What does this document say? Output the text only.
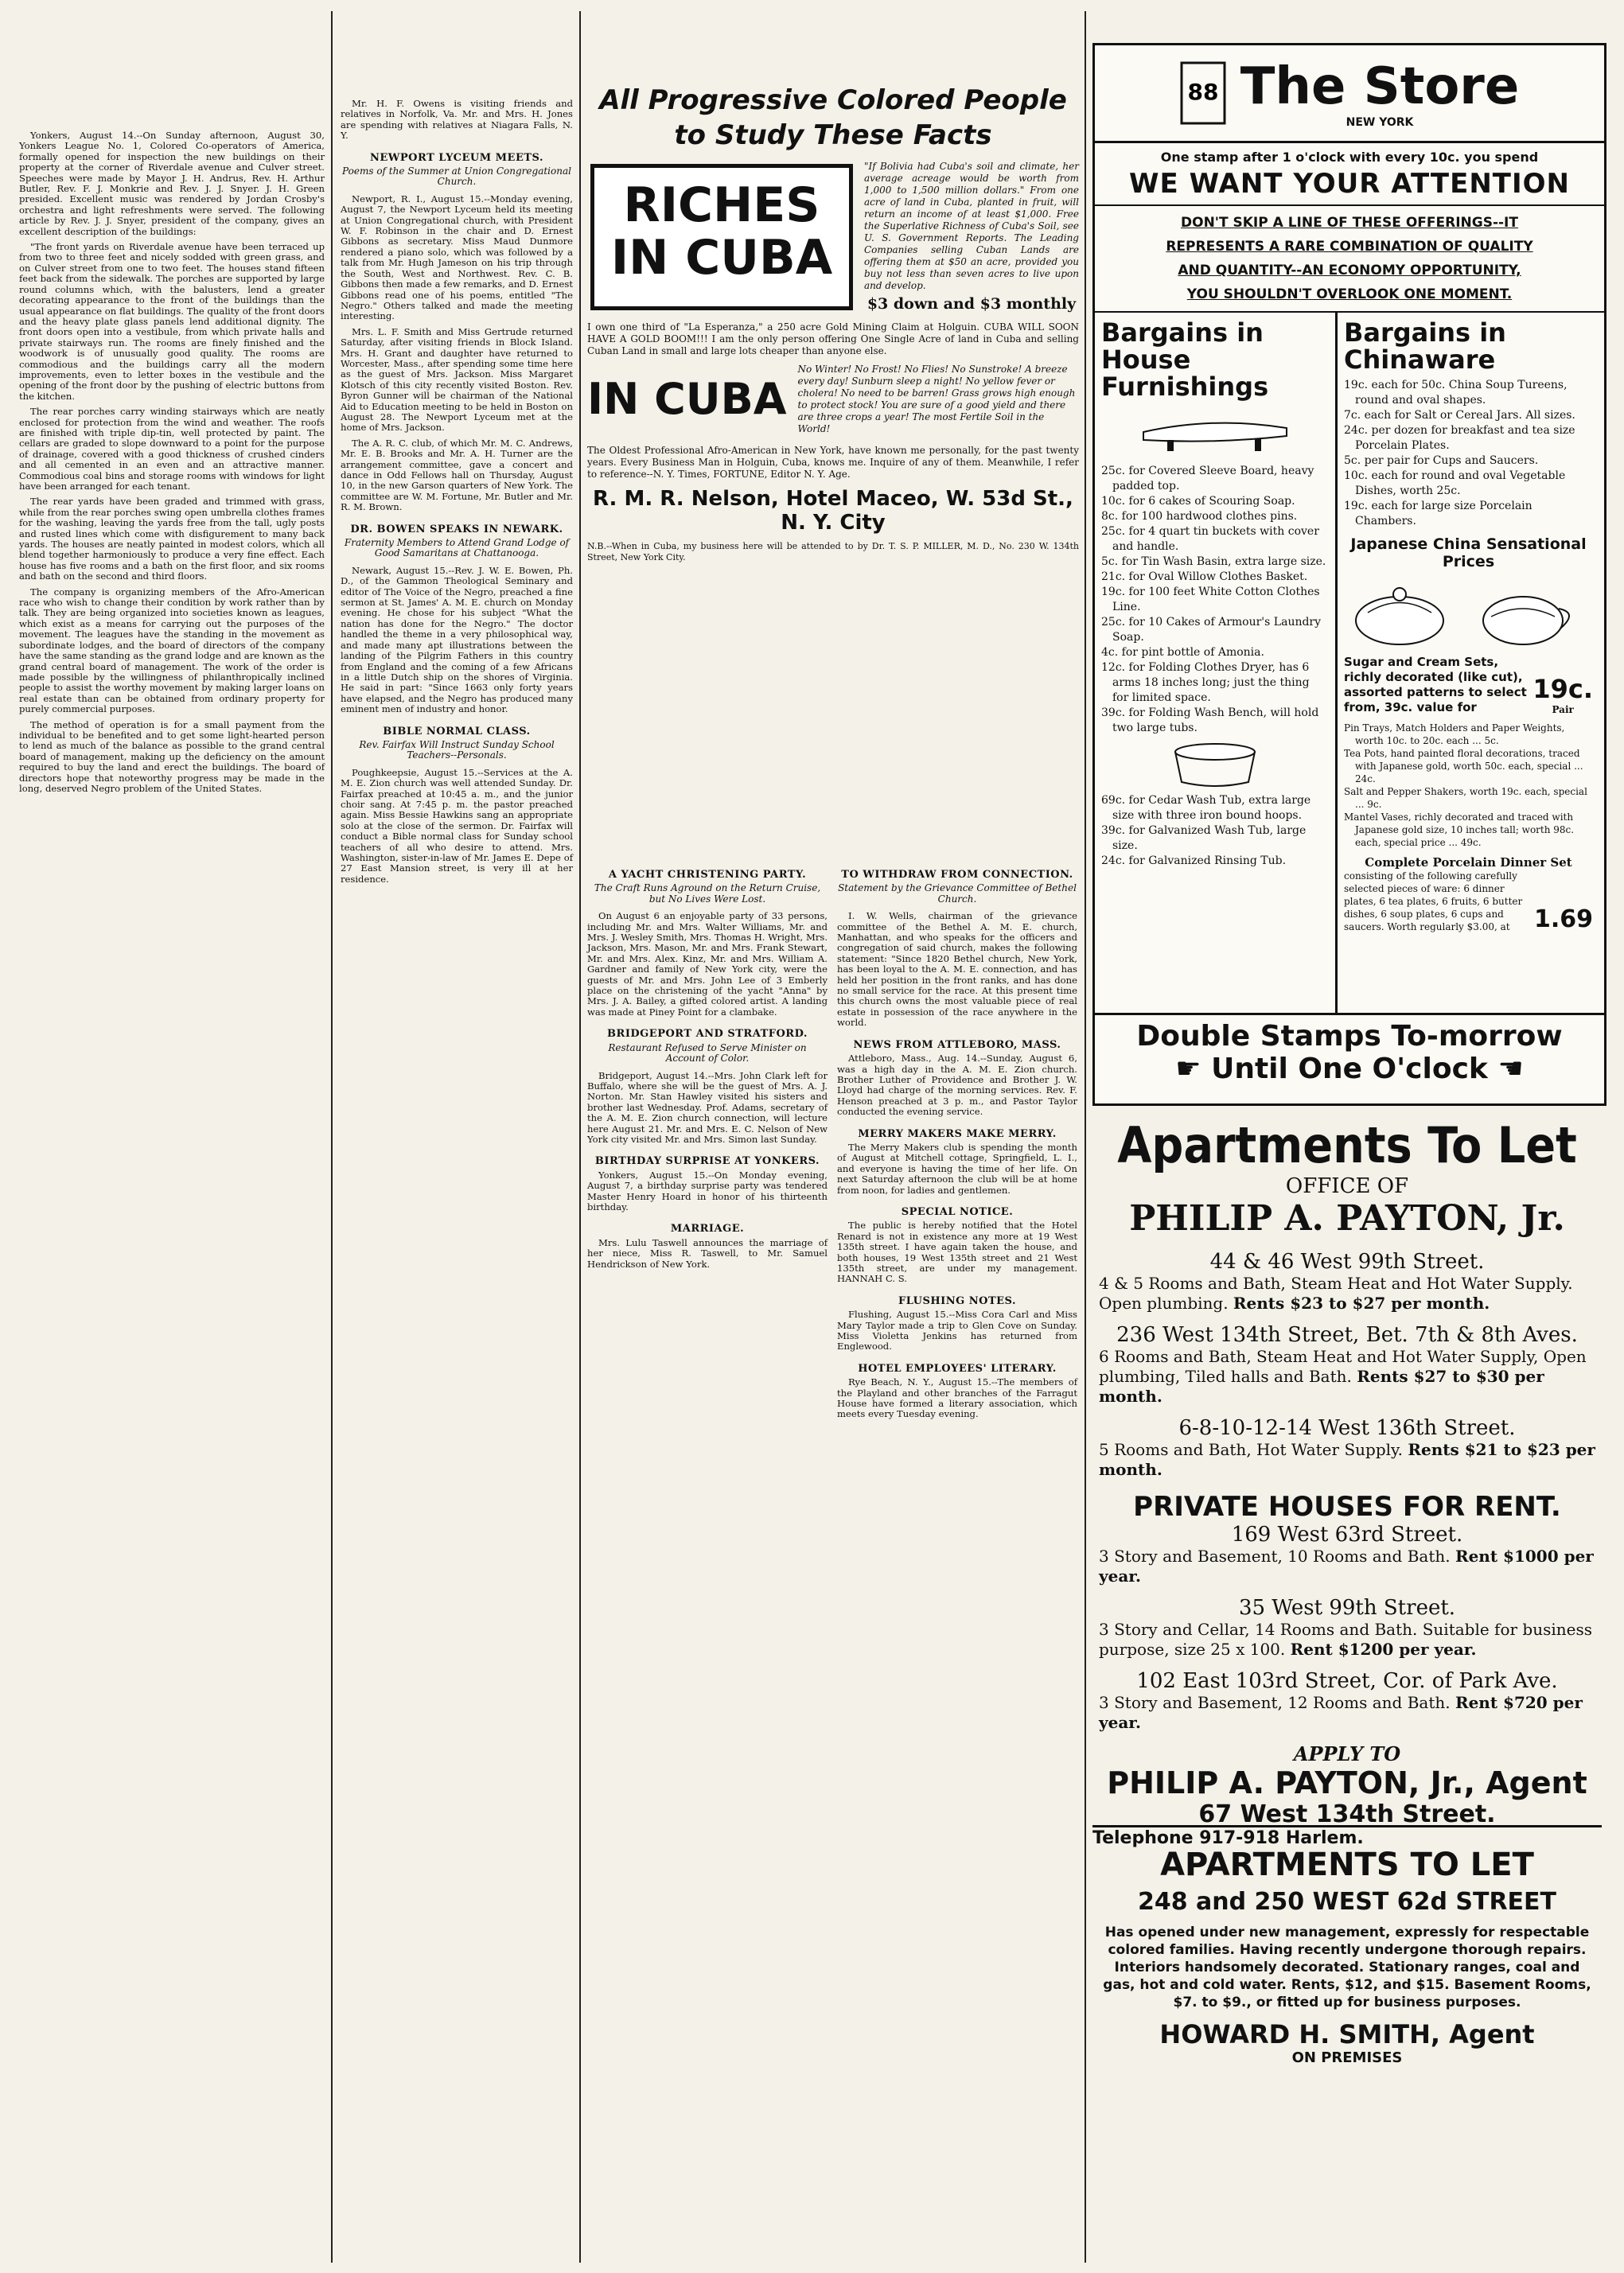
Yonkers, August 14.--On Sunday afternoon, August 30, Yonkers League No. 1, Colored Co-operators of America, formally opened for inspection the new buildings on their property at the corner of Riverdale avenue and Culver street. Speeches were made by Mayor J. H. Andrus, Rev. H. Arthur Butler, Rev. F. J. Monkrie and Rev. J. J. Snyer. J. H. Green presided. Excellent music was rendered by Jordan Crosby's orchestra and light refreshments were served. The following article by Rev. J. J. Snyer, president of the company, gives an excellent description of the buildings:

"The front yards on Riverdale avenue have been terraced up from two to three feet and nicely sodded with green grass, and on Culver street from one to two feet. The houses stand fifteen feet back from the sidewalk. The porches are supported by large round columns which, with the balusters, lend a greater decorating appearance to the front of the buildings than the usual appearance on flat buildings. The quality of the front doors and the heavy plate glass panels lend additional dignity. The front doors open into a vestibule, from which private halls and private stairways run. The rooms are finely finished and the woodwork is of unusually good quality. The rooms are commodious and the buildings carry all the modern improvements, even to letter boxes in the vestibule and the opening of the front door by the pushing of electric buttons from the kitchen.

The rear porches carry winding stairways which are neatly enclosed for protection from the wind and weather. The roofs are finished with triple dip-tin, well protected by paint. The cellars are graded to slope downward to a point for the purpose of drainage, covered with a good thickness of crushed cinders and all cemented in an even and an attractive manner. Commodious coal bins and storage rooms with windows for light have been arranged for each tenant.

The rear yards have been graded and trimmed with grass, while from the rear porches swing open umbrella clothes frames for the washing, leaving the yards free from the tall, ugly posts and rusted lines which come with disfigurement to many back yards. The houses are neatly painted in modest colors, which all blend together harmoniously to produce a very fine effect. Each house has five rooms and a bath on the first floor, and six rooms and bath on the second and third floors.

The company is organizing members of the Afro-American race who wish to change their condition by work rather than by talk. They are being organized into societies known as leagues, which exist as a means for carrying out the purposes of the movement. The leagues have the standing in the movement as subordinate lodges, and the board of directors of the company have the same standing as the grand lodge and are known as the grand central board of management. The work of the order is made possible by the willingness of philanthropically inclined people to assist the worthy movement by making larger loans on real estate than can be obtained from ordinary property for purely commercial purposes.

The method of operation is for a small payment from the individual to be benefited and to get some light-hearted person to lend as much of the balance as possible to the grand central board of management, making up the deficiency on the amount required to buy the land and erect the buildings. The board of directors hope that noteworthy progress may be made in the long, deserved Negro problem of the United States.

Mr. H. F. Owens is visiting friends and relatives in Norfolk, Va. Mr. and Mrs. H. Jones are spending with relatives at Niagara Falls, N. Y.

NEWPORT LYCEUM MEETS.
Poems of the Summer at Union Congregational Church.

Newport, R. I., August 15.--Monday evening, August 7, the Newport Lyceum held its meeting at Union Congregational church, with President W. F. Robinson in the chair and D. Ernest Gibbons as secretary. Miss Maud Dunmore rendered a piano solo, which was followed by a talk from Mr. Hugh Jameson on his trip through the South, West and Northwest. Rev. C. B. Gibbons then made a few remarks, and D. Ernest Gibbons read one of his poems, entitled "The Negro." Others talked and made the meeting interesting.

Mrs. L. F. Smith and Miss Gertrude returned Saturday, after visiting friends in Block Island. Mrs. H. Grant and daughter have returned to Worcester, Mass., after spending some time here as the guest of Mrs. Jackson. Miss Margaret Klotsch of this city recently visited Boston. Rev. Byron Gunner will be chairman of the National Aid to Education meeting to be held in Boston on August 28. The Newport Lyceum met at the home of Mrs. Jackson.

The A. R. C. club, of which Mr. M. C. Andrews, Mr. E. B. Brooks and Mr. A. H. Turner are the arrangement committee, gave a concert and dance in Odd Fellows hall on Thursday, August 10, in the new Garson quarters of New York. The committee are W. M. Fortune, Mr. Butler and Mr. R. M. Brown.

DR. BOWEN SPEAKS IN NEWARK.
Fraternity Members to Attend Grand Lodge of Good Samaritans at Chattanooga.

Newark, August 15.--Rev. J. W. E. Bowen, Ph. D., of the Gammon Theological Seminary and editor of The Voice of the Negro, preached a fine sermon at St. James' A. M. E. church on Monday evening. He chose for his subject "What the nation has done for the Negro." The doctor handled the theme in a very philosophical way, and made many apt illustrations between the landing of the Pilgrim Fathers in this country from England and the coming of a few Africans in a little Dutch ship on the shores of Virginia. He said in part: "Since 1663 only forty years have elapsed, and the Negro has produced many eminent men of industry and honor.

BIBLE NORMAL CLASS.
Rev. Fairfax Will Instruct Sunday School Teachers--Personals.

Poughkeepsie, August 15.--Services at the A. M. E. Zion church was well attended Sunday. Dr. Fairfax preached at 10:45 a. m., and the junior choir sang. At 7:45 p. m. the pastor preached again. Miss Bessie Hawkins sang an appropriate solo at the close of the sermon. Dr. Fairfax will conduct a Bible normal class for Sunday school teachers of all who desire to attend. Mrs. Washington, sister-in-law of Mr. James E. Depe of 27 East Mansion street, is very ill at her residence.

All Progressive Colored People to Study These Facts
RICHES IN CUBA

"If Bolivia had Cuba's soil and climate, her average acreage would be worth from 1,000 to 1,500 million dollars." From one acre of land in Cuba, planted in fruit, will return an income of at least $1,000. Free the Superlative Richness of Cuba's Soil, see U. S. Government Reports. The Leading Companies selling Cuban Lands are offering them at $50 an acre, provided you buy not less than seven acres to live upon and develop.

$3 down and $3 monthly

I own one third of "La Esperanza," a 250 acre Gold Mining Claim at Holguin. CUBA WILL SOON HAVE A GOLD BOOM!!! I am the only person offering One Single Acre of land in Cuba and selling Cuban Land in small and large lots cheaper than anyone else.

IN CUBA

No Winter! No Frost! No Flies! No Sunstroke! A breeze every day! Sunburn sleep a night! No yellow fever or cholera! No need to be barren! Grass grows high enough to protect stock! You are sure of a good yield and there are three crops a year! The most Fertile Soil in the World!

The Oldest Professional Afro-American in New York, have known me personally, for the past twenty years. Every Business Man in Holguin, Cuba, knows me. Inquire of any of them. Meanwhile, I refer to reference--N. Y. Times, FORTUNE, Editor N. Y. Age.

R. M. R. Nelson, Hotel Maceo, W. 53d St., N. Y. City

N.B.--When in Cuba, my business here will be attended to by Dr. T. S. P. MILLER, M. D., No. 230 W. 134th Street, New York City.

A YACHT CHRISTENING PARTY.
The Craft Runs Aground on the Return Cruise, but No Lives Were Lost.

On August 6 an enjoyable party of 33 persons, including Mr. and Mrs. Walter Williams, Mr. and Mrs. J. Wesley Smith, Mrs. Thomas H. Wright, Mrs. Jackson, Mrs. Mason, Mr. and Mrs. Frank Stewart, Mr. and Mrs. Alex. Kinz, Mr. and Mrs. William A. Gardner and family of New York city, were the guests of Mr. and Mrs. John Lee of 3 Emberly place on the christening of the yacht "Anna" by Mrs. J. A. Bailey, a gifted colored artist. A landing was made at Piney Point for a clambake.

BRIDGEPORT AND STRATFORD.
Restaurant Refused to Serve Minister on Account of Color.

Bridgeport, August 14.--Mrs. John Clark left for Buffalo, where she will be the guest of Mrs. A. J. Norton. Mr. Stan Hawley visited his sisters and brother last Wednesday. Prof. Adams, secretary of the A. M. E. Zion church connection, will lecture here August 21. Mr. and Mrs. E. C. Nelson of New York city visited Mr. and Mrs. Simon last Sunday.

BIRTHDAY SURPRISE AT YONKERS.

Yonkers, August 15.--On Monday evening, August 7, a birthday surprise party was tendered Master Henry Hoard in honor of his thirteenth birthday.

MARRIAGE.

Mrs. Lulu Taswell announces the marriage of her niece, Miss R. Taswell, to Mr. Samuel Hendrickson of New York.

TO WITHDRAW FROM CONNECTION.
Statement by the Grievance Committee of Bethel Church.

I. W. Wells, chairman of the grievance committee of the Bethel A. M. E. church, Manhattan, and who speaks for the officers and congregation of said church, makes the following statement: "Since 1820 Bethel church, New York, has been loyal to the A. M. E. connection, and has held her position in the front ranks, and has done no small service for the race. At this present time this church owns the most valuable piece of real estate in possession of the race anywhere in the world.

NEWS FROM ATTLEBORO, MASS.

Attleboro, Mass., Aug. 14.--Sunday, August 6, was a high day in the A. M. E. Zion church. Brother Luther of Providence and Brother J. W. Lloyd had charge of the morning services. Rev. F. Henson preached at 3 p. m., and Pastor Taylor conducted the evening service.

MERRY MAKERS MAKE MERRY.

The Merry Makers club is spending the month of August at Mitchell cottage, Springfield, L. I., and everyone is having the time of her life. On next Saturday afternoon the club will be at home from noon, for ladies and gentlemen.

SPECIAL NOTICE.

The public is hereby notified that the Hotel Renard is not in existence any more at 19 West 135th street. I have again taken the house, and both houses, 19 West 135th street and 21 West 135th street, are under my management. HANNAH C. S.

FLUSHING NOTES.

Flushing, August 15.--Miss Cora Carl and Miss Mary Taylor made a trip to Glen Cove on Sunday. Miss Violetta Jenkins has returned from Englewood.

HOTEL EMPLOYEES' LITERARY.

Rye Beach, N. Y., August 15.--The members of the Playland and other branches of the Farragut House have formed a literary association, which meets every Tuesday evening.

88 The Store
NEW YORK
One stamp after 1 o'clock with every 10c. you spend
WE WANT YOUR ATTENTION
DON'T SKIP A LINE OF THESE OFFERINGS--IT
REPRESENTS A RARE COMBINATION OF QUALITY
AND QUANTITY--AN ECONOMY OPPORTUNITY,
YOU SHOULDN'T OVERLOOK ONE MOMENT.
Bargains in House Furnishings

25c. for Covered Sleeve Board, heavy padded top.

10c. for 6 cakes of Scouring Soap.

8c. for 100 hardwood clothes pins.

25c. for 4 quart tin buckets with cover and handle.

5c. for Tin Wash Basin, extra large size.

21c. for Oval Willow Clothes Basket.

19c. for 100 feet White Cotton Clothes Line.

25c. for 10 Cakes of Armour's Laundry Soap.

4c. for pint bottle of Amonia.

12c. for Folding Clothes Dryer, has 6 arms 18 inches long; just the thing for limited space.

39c. for Folding Wash Bench, will hold two large tubs.

69c. for Cedar Wash Tub, extra large size with three iron bound hoops.

39c. for Galvanized Wash Tub, large size.

24c. for Galvanized Rinsing Tub.

Bargains in Chinaware

19c. each for 50c. China Soup Tureens, round and oval shapes.

7c. each for Salt or Cereal Jars. All sizes.

24c. per dozen for breakfast and tea size Porcelain Plates.

5c. per pair for Cups and Saucers.

10c. each for round and oval Vegetable Dishes, worth 25c.

19c. each for large size Porcelain Chambers.

Japanese China Sensational Prices

Sugar and Cream Sets, richly decorated (like cut), assorted patterns to select from, 39c. value for

19c.
Pair

Pin Trays, Match Holders and Paper Weights, worth 10c. to 20c. each ... 5c.

Tea Pots, hand painted floral decorations, traced with Japanese gold, worth 50c. each, special ... 24c.

Salt and Pepper Shakers, worth 19c. each, special ... 9c.

Mantel Vases, richly decorated and traced with Japanese gold size, 10 inches tall; worth 98c. each, special price ... 49c.

Complete Porcelain Dinner Set

consisting of the following carefully selected pieces of ware: 6 dinner plates, 6 tea plates, 6 fruits, 6 butter dishes, 6 soup plates, 6 cups and saucers. Worth regularly $3.00, at	1.69
Double Stamps To-morrow
☛ Until One O'clock ☚
Apartments To Let
OFFICE OF
PHILIP A. PAYTON, Jr.

44 & 46 West 99th Street.

4 & 5 Rooms and Bath, Steam Heat and Hot Water Supply. Open plumbing. Rents $23 to $27 per month.

236 West 134th Street, Bet. 7th & 8th Aves.

6 Rooms and Bath, Steam Heat and Hot Water Supply, Open plumbing, Tiled halls and Bath. Rents $27 to $30 per month.

6-8-10-12-14 West 136th Street.

5 Rooms and Bath, Hot Water Supply. Rents $21 to $23 per month.

PRIVATE HOUSES FOR RENT.

169 West 63rd Street.

3 Story and Basement, 10 Rooms and Bath. Rent $1000 per year.

35 West 99th Street.

3 Story and Cellar, 14 Rooms and Bath. Suitable for business purpose, size 25 x 100. Rent $1200 per year.

102 East 103rd Street, Cor. of Park Ave.

3 Story and Basement, 12 Rooms and Bath. Rent $720 per year.

APPLY TO
PHILIP A. PAYTON, Jr., Agent
67 West 134th Street.
Telephone 917-918 Harlem.
APARTMENTS TO LET
248 and 250 WEST 62d STREET

Has opened under new management, expressly for respectable colored families. Having recently undergone thorough repairs. Interiors handsomely decorated. Stationary ranges, coal and gas, hot and cold water. Rents, $12, and $15. Basement Rooms, $7. to $9., or fitted up for business purposes.

HOWARD H. SMITH, Agent
ON PREMISES
